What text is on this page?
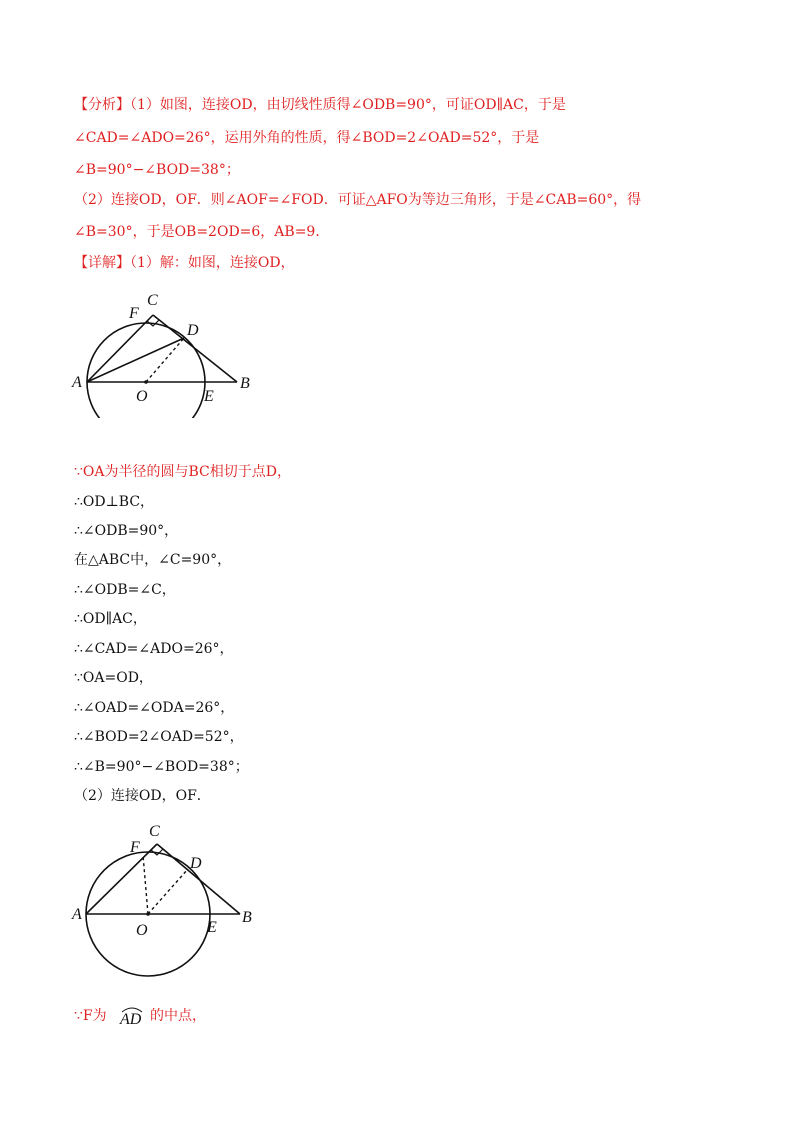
【分析】（1）如图，连接OD，由切线性质得∠ODB=90°，可证OD∥AC，于是
∠CAD=∠ADO=26°，运用外角的性质，得∠BOD=2∠OAD=52°，于是
∠B=90°−∠BOD=38°；
（2）连接OD，OF．则∠AOF=∠FOD．可证△AFO为等边三角形，于是∠CAB=60°，得
∠B=30°，于是OB=2OD=6，AB=9．
【详解】（1）解：如图，连接OD，
C
F
D
A
O	E
B
∵OA为半径的圆与BC相切于点D，
∴OD⊥BC，
∴∠ODB=90°，
在△ABC中，∠C=90°，
∴∠ODB=∠C，
∴OD∥AC，
∴∠CAD=∠ADO=26°，
∵OA=OD，
∴∠OAD=∠ODA=26°，
∴∠BOD=2∠OAD=52°，
∴∠B=90°−∠BOD=38°；
（2）连接OD，OF．
C
F
D
A
O	E
B
∵F为 AD 的中点，
